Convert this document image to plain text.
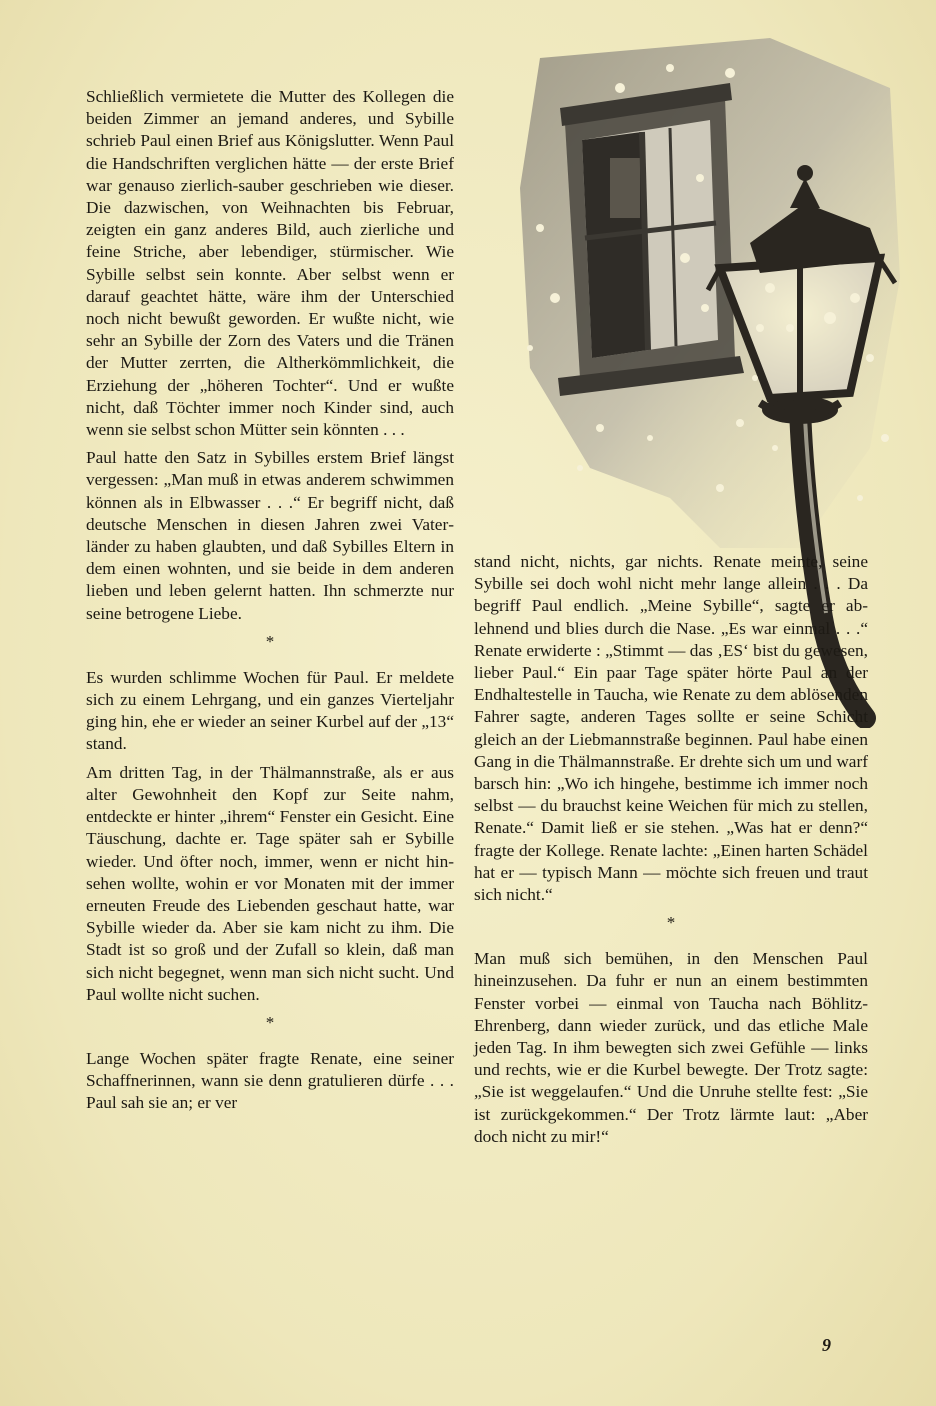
Schließlich vermietete die Mutter des Kollegen die beiden Zimmer an jemand anderes, und Sybille schrieb Paul einen Brief aus Königslutter. Wenn Paul die Handschriften verglichen hätte — der erste Brief war genauso zierlich-sauber geschrieben wie dieser. Die dazwischen, von Weihnachten bis Februar, zeigten ein ganz anderes Bild, auch zierliche und feine Striche, aber lebendiger, stürmischer. Wie Sybille selbst sein konnte. Aber selbst wenn er darauf geachtet hätte, wäre ihm der Unterschied noch nicht bewußt geworden. Er wußte nicht, wie sehr an Sybille der Zorn des Vaters und die Tränen der Mutter zerrten, die Altherkömmlichkeit, die Erziehung der „höheren Tochter“. Und er wußte nicht, daß Töchter immer noch Kinder sind, auch wenn sie selbst schon Mütter sein könnten . . .

Paul hatte den Satz in Sybilles erstem Brief längst vergessen: „Man muß in etwas anderem schwimmen können als in Elbwasser . . .“ Er begriff nicht, daß deutsche Menschen in diesen Jahren zwei Vaterländer zu haben glaubten, und daß Sybilles Eltern in dem einen wohnten, und sie beide in dem anderen lieben und leben gelernt hatten. Ihn schmerzte nur seine betrogene Liebe.

*

Es wurden schlimme Wochen für Paul. Er meldete sich zu einem Lehrgang, und ein ganzes Vierteljahr ging hin, ehe er wieder an seiner Kurbel auf der „13“ stand.

Am dritten Tag, in der Thälmannstraße, als er aus alter Gewohnheit den Kopf zur Seite nahm, entdeckte er hinter „ihrem“ Fenster ein Gesicht. Eine Täuschung, dachte er. Tage später sah er Sybille wieder. Und öfter noch, immer, wenn er nicht hinsehen wollte, wohin er vor Monaten mit der immer erneuten Freude des Liebenden geschaut hatte, war Sybille wieder da. Aber sie kam nicht zu ihm. Die Stadt ist so groß und der Zufall so klein, daß man sich nicht begegnet, wenn man sich nicht sucht. Und Paul wollte nicht suchen.

*

Lange Wochen später fragte Renate, eine seiner Schaffnerinnen, wann sie denn gratulieren dürfe . . . Paul sah sie an; er ver

stand nicht, nichts, gar nichts. Renate meinte, seine Sybille sei doch wohl nicht mehr lange allein . . . Da begriff Paul endlich. „Meine Sybille“, sagte er ablehnend und blies durch die Nase. „Es war einmal . . .“ Renate erwiderte : „Stimmt — das ‚ES‘ bist du gewesen, lieber Paul.“ Ein paar Tage später hörte Paul an der Endhaltestelle in Taucha, wie Renate zu dem ablösenden Fahrer sagte, anderen Tages sollte er seine Schicht gleich an der Liebmannstraße beginnen. Paul habe einen Gang in die Thälmannstraße. Er drehte sich um und warf barsch hin: „Wo ich hingehe, bestimme ich immer noch selbst — du brauchst keine Weichen für mich zu stellen, Renate.“ Damit ließ er sie stehen. „Was hat er denn?“ fragte der Kollege. Renate lachte: „Einen harten Schädel hat er — typisch Mann — möchte sich freuen und traut sich nicht.“

*

Man muß sich bemühen, in den Menschen Paul hineinzusehen. Da fuhr er nun an einem bestimmten Fenster vorbei — einmal von Taucha nach Böhlitz-Ehrenberg, dann wieder zurück, und das etliche Male jeden Tag. In ihm bewegten sich zwei Gefühle — links und rechts, wie er die Kurbel bewegte. Der Trotz sagte: „Sie ist weggelaufen.“ Und die Unruhe stellte fest: „Sie ist zurückgekommen.“ Der Trotz lärmte laut: „Aber doch nicht zu mir!“

9
